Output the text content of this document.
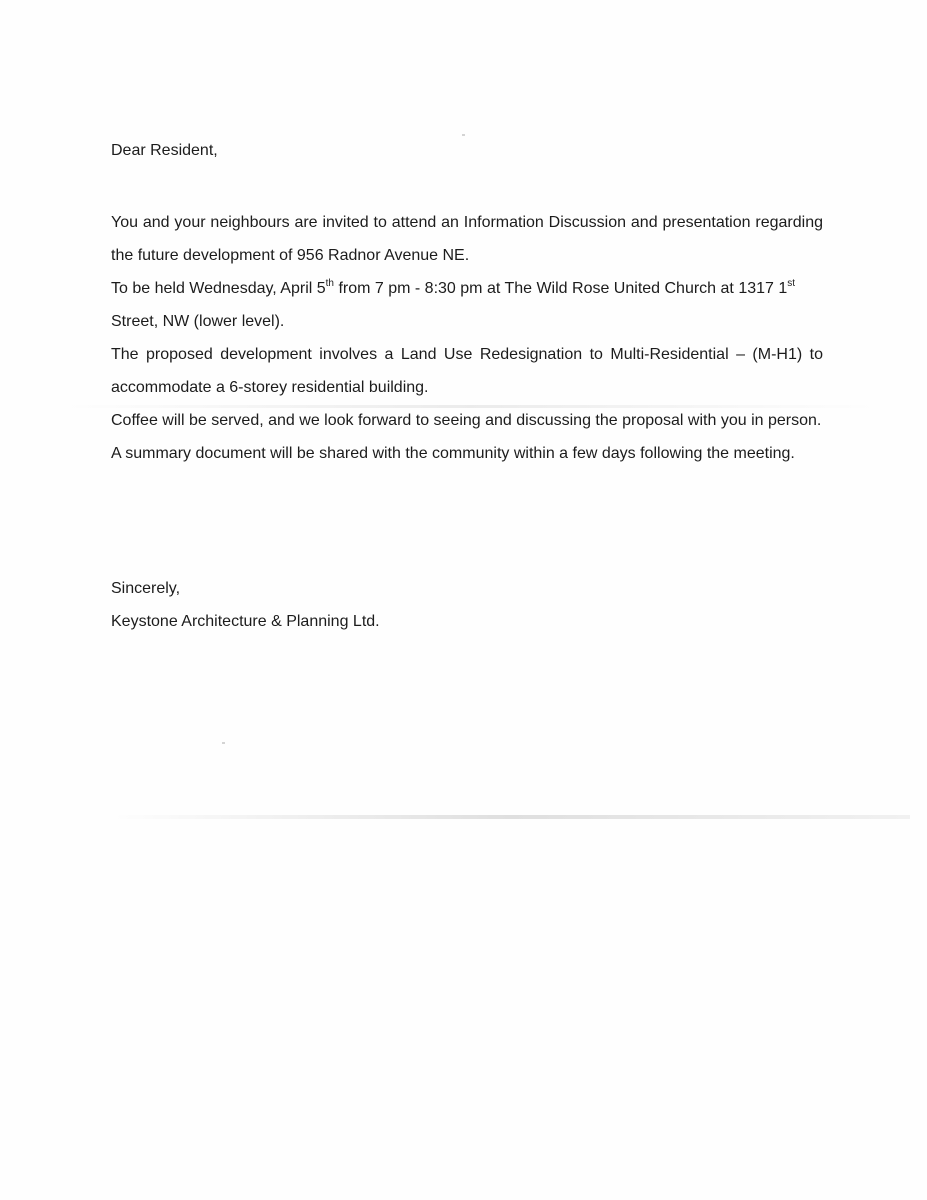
Dear Resident,

You and your neighbours are invited to attend an Information Discussion and presentation regarding the future development of 956 Radnor Avenue NE.

To be held Wednesday, April 5th from 7 pm - 8:30 pm at The Wild Rose United Church at 1317 1st Street, NW (lower level).

The proposed development involves a Land Use Redesignation to Multi-Residential – (M-H1) to accommodate a 6-storey residential building.

Coffee will be served, and we look forward to seeing and discussing the proposal with you in person.

A summary document will be shared with the community within a few days following the meeting.

Sincerely,

Keystone Architecture & Planning Ltd.
